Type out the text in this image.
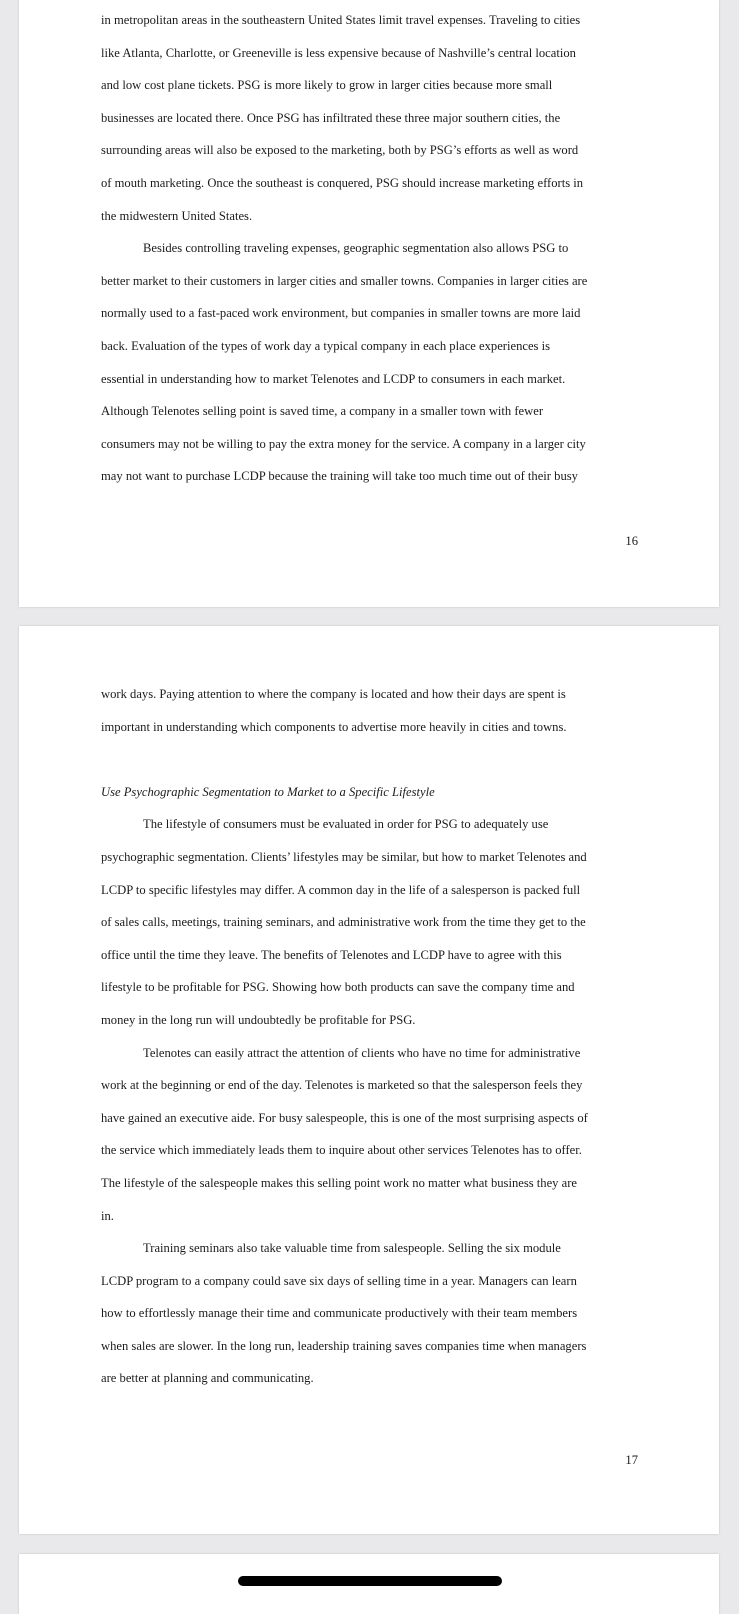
in metropolitan areas in the southeastern United States limit travel expenses. Traveling to cities
like Atlanta, Charlotte, or Greeneville is less expensive because of Nashville’s central location
and low cost plane tickets. PSG is more likely to grow in larger cities because more small
businesses are located there. Once PSG has infiltrated these three major southern cities, the
surrounding areas will also be exposed to the marketing, both by PSG’s efforts as well as word
of mouth marketing. Once the southeast is conquered, PSG should increase marketing efforts in
the midwestern United States.
Besides controlling traveling expenses, geographic segmentation also allows PSG to
better market to their customers in larger cities and smaller towns. Companies in larger cities are
normally used to a fast-paced work environment, but companies in smaller towns are more laid
back. Evaluation of the types of work day a typical company in each place experiences is
essential in understanding how to market Telenotes and LCDP to consumers in each market.
Although Telenotes selling point is saved time, a company in a smaller town with fewer
consumers may not be willing to pay the extra money for the service. A company in a larger city
may not want to purchase LCDP because the training will take too much time out of their busy
16
work days. Paying attention to where the company is located and how their days are spent is
important in understanding which components to advertise more heavily in cities and towns.
Use Psychographic Segmentation to Market to a Specific Lifestyle
The lifestyle of consumers must be evaluated in order for PSG to adequately use
psychographic segmentation. Clients’ lifestyles may be similar, but how to market Telenotes and
LCDP to specific lifestyles may differ. A common day in the life of a salesperson is packed full
of sales calls, meetings, training seminars, and administrative work from the time they get to the
office until the time they leave. The benefits of Telenotes and LCDP have to agree with this
lifestyle to be profitable for PSG. Showing how both products can save the company time and
money in the long run will undoubtedly be profitable for PSG.
Telenotes can easily attract the attention of clients who have no time for administrative
work at the beginning or end of the day. Telenotes is marketed so that the salesperson feels they
have gained an executive aide. For busy salespeople, this is one of the most surprising aspects of
the service which immediately leads them to inquire about other services Telenotes has to offer.
The lifestyle of the salespeople makes this selling point work no matter what business they are
in.
Training seminars also take valuable time from salespeople. Selling the six module
LCDP program to a company could save six days of selling time in a year. Managers can learn
how to effortlessly manage their time and communicate productively with their team members
when sales are slower. In the long run, leadership training saves companies time when managers
are better at planning and communicating.
17
